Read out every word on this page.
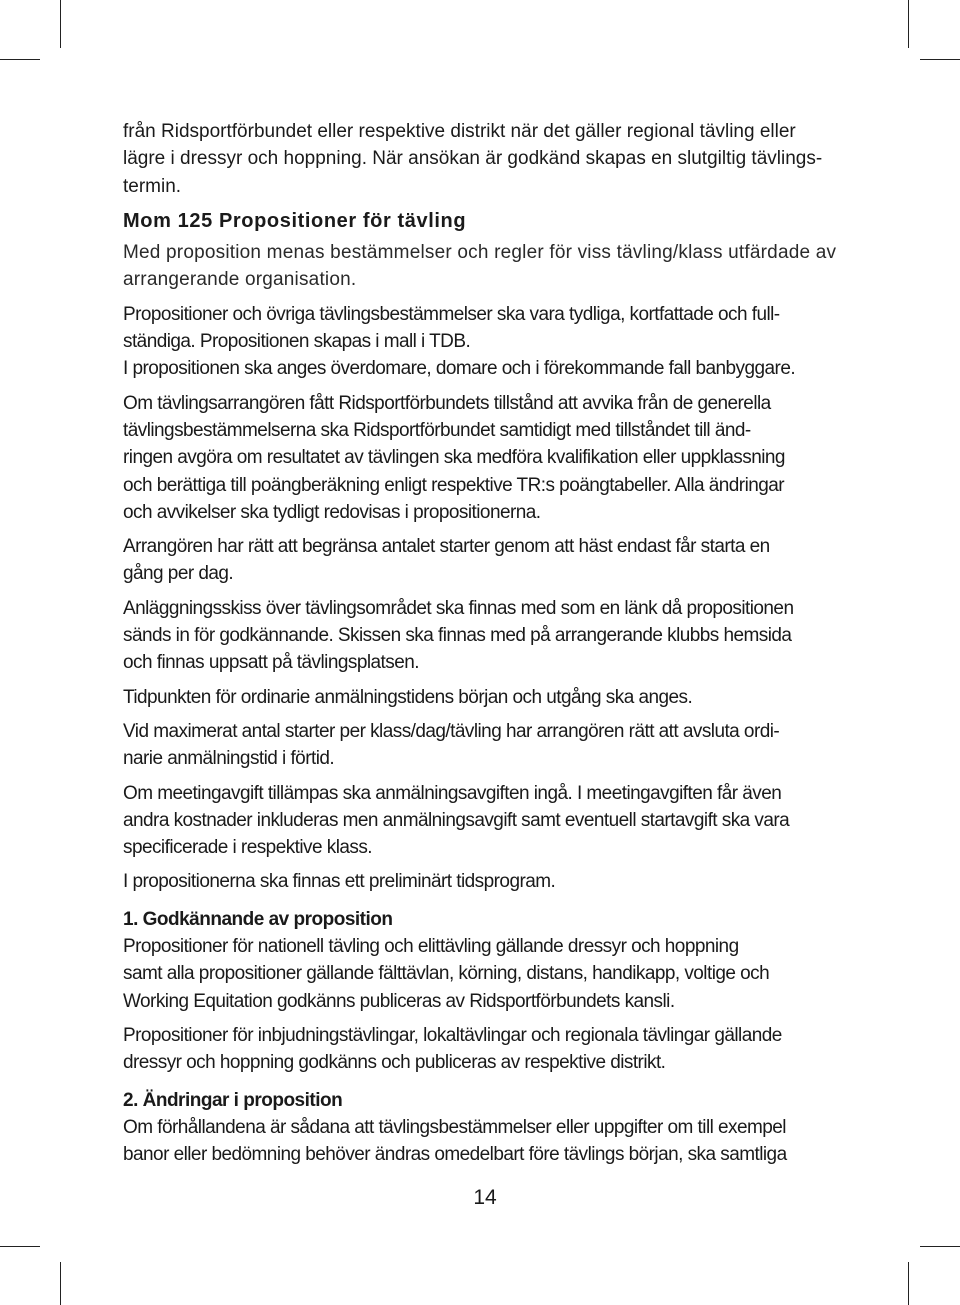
från Ridsportförbundet eller respektive distrikt när det gäller regional tävling eller
lägre i dressyr och hoppning. När ansökan är godkänd skapas en slutgiltig tävlings-
termin.

Mom 125 Propositioner för tävling

Med proposition menas bestämmelser och regler för viss tävling/klass utfärdade av
arrangerande organisation.

Propositioner och övriga tävlingsbestämmelser ska vara tydliga, kortfattade och full-
ständiga. Propositionen skapas i mall i TDB.
I propositionen ska anges överdomare, domare och i förekommande fall banbyggare.

Om tävlingsarrangören fått Ridsportförbundets tillstånd att avvika från de generella
tävlingsbestämmelserna ska Ridsportförbundet samtidigt med tillståndet till änd-
ringen avgöra om resultatet av tävlingen ska medföra kvalifikation eller uppklassning
och berättiga till poängberäkning enligt respektive TR:s poängtabeller. Alla ändringar
och avvikelser ska tydligt redovisas i propositionerna.

Arrangören har rätt att begränsa antalet starter genom att häst endast får starta en
gång per dag.

Anläggningsskiss över tävlingsområdet ska finnas med som en länk då propositionen
sänds in för godkännande. Skissen ska finnas med på arrangerande klubbs hemsida
och finnas uppsatt på tävlingsplatsen.

Tidpunkten för ordinarie anmälningstidens början och utgång ska anges.

Vid maximerat antal starter per klass/dag/tävling har arrangören rätt att avsluta ordi-
narie anmälningstid i förtid.

Om meetingavgift tillämpas ska anmälningsavgiften ingå. I meetingavgiften får även
andra kostnader inkluderas men anmälningsavgift samt eventuell startavgift ska vara
specificerade i respektive klass.

I propositionerna ska finnas ett preliminärt tidsprogram.

1. Godkännande av proposition

Propositioner för nationell tävling och elittävling gällande dressyr och hoppning
samt alla propositioner gällande fälttävlan, körning, distans, handikapp, voltige och
Working Equitation godkänns publiceras av Ridsportförbundets kansli.

Propositioner för inbjudningstävlingar, lokaltävlingar och regionala tävlingar gällande
dressyr och hoppning godkänns och publiceras av respektive distrikt.

2. Ändringar i proposition

Om förhållandena är sådana att tävlingsbestämmelser eller uppgifter om till exempel
banor eller bedömning behöver ändras omedelbart före tävlings början, ska samtliga

14
